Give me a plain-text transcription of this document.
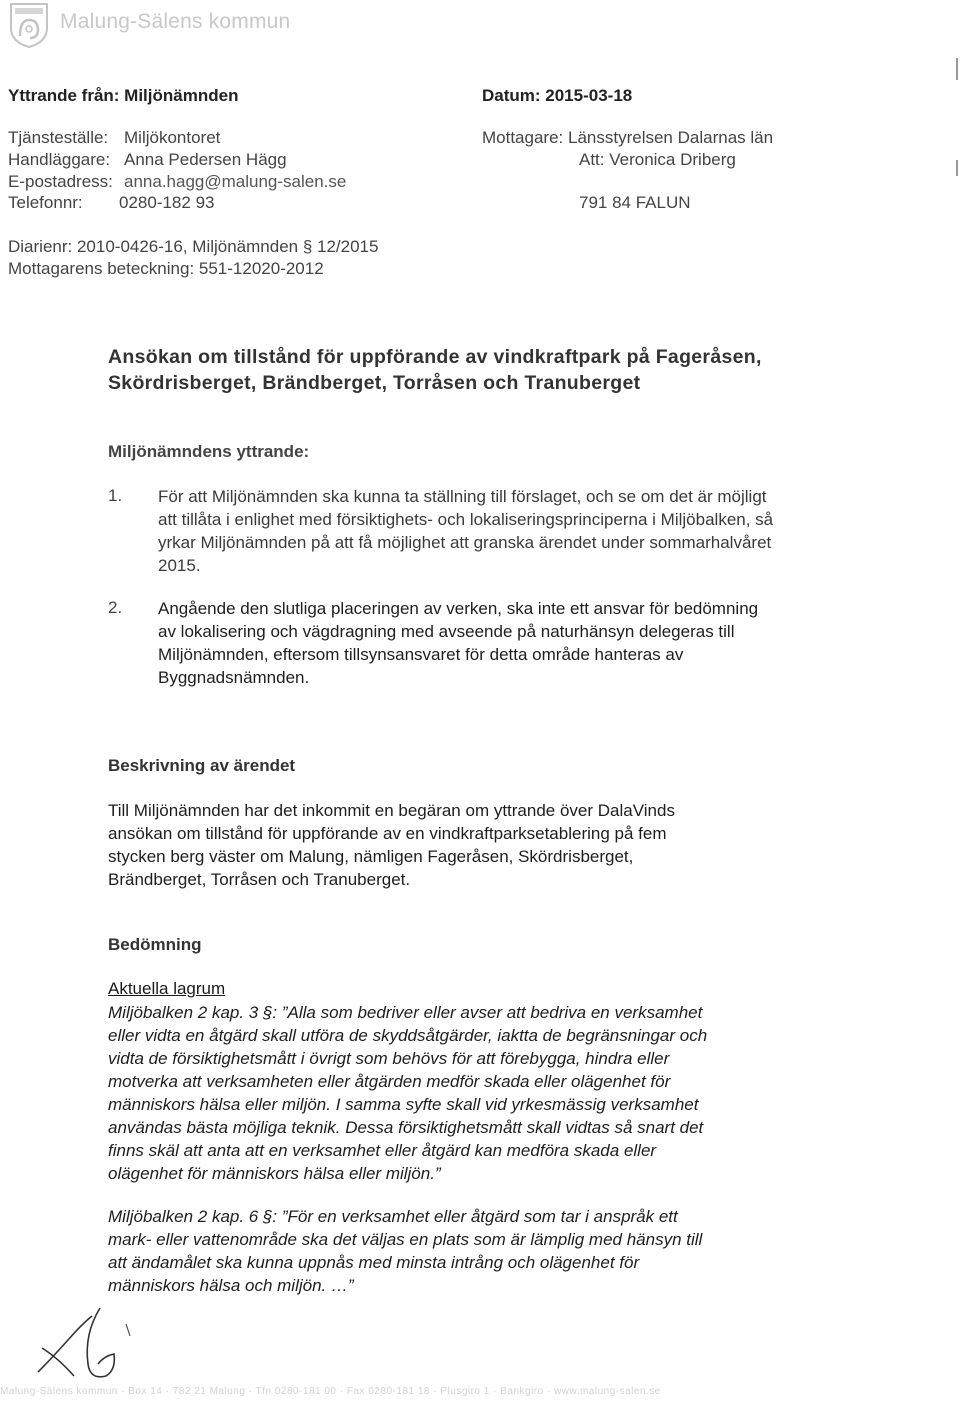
Malung-Sälens kommun
Yttrande från: Miljönämnden	Datum: 2015-03-18
Tjänsteställe: Miljökontoret
Handläggare: Anna Pedersen Hägg
E-postadress: anna.hagg@malung-salen.se
Telefonnr: 0280-182 93
Mottagare: Länsstyrelsen Dalarnas län
Att: Veronica Driberg
791 84 FALUN
Diarienr: 2010-0426-16, Miljönämnden § 12/2015
Mottagarens beteckning: 551-12020-2012
Ansökan om tillstånd för uppförande av vindkraftpark på Fageråsen,
Skördrisberget, Brändberget, Torråsen och Tranuberget
Miljönämndens yttrande:
1. För att Miljönämnden ska kunna ta ställning till förslaget, och se om det är möjligt
att tillåta i enlighet med försiktighets- och lokaliseringsprinciperna i Miljöbalken, så
yrkar Miljönämnden på att få möjlighet att granska ärendet under sommarhalvåret
2015.
2. Angående den slutliga placeringen av verken, ska inte ett ansvar för bedömning
av lokalisering och vägdragning med avseende på naturhänsyn delegeras till
Miljönämnden, eftersom tillsynsansvaret för detta område hanteras av
Byggnadsnämnden.
Beskrivning av ärendet
Till Miljönämnden har det inkommit en begäran om yttrande över DalaVinds
ansökan om tillstånd för uppförande av en vindkraftparksetablering på fem
stycken berg väster om Malung, nämligen Fageråsen, Skördrisberget,
Brändberget, Torråsen och Tranuberget.
Bedömning
Aktuella lagrum
Miljöbalken 2 kap. 3 §: ”Alla som bedriver eller avser att bedriva en verksamhet
eller vidta en åtgärd skall utföra de skyddsåtgärder, iaktta de begränsningar och
vidta de försiktighetsmått i övrigt som behövs för att förebygga, hindra eller
motverka att verksamheten eller åtgärden medför skada eller olägenhet för
människors hälsa eller miljön. I samma syfte skall vid yrkesmässig verksamhet
användas bästa möjliga teknik. Dessa försiktighetsmått skall vidtas så snart det
finns skäl att anta att en verksamhet eller åtgärd kan medföra skada eller
olägenhet för människors hälsa eller miljön.”
Miljöbalken 2 kap. 6 §: ”För en verksamhet eller åtgärd som tar i anspråk ett
mark- eller vattenområde ska det väljas en plats som är lämplig med hänsyn till
att ändamålet ska kunna uppnås med minsta intrång och olägenhet för
människors hälsa och miljön. …”
Malung-Sälens kommun · Box 14 · 782 21 Malung · Tfn 0280-181 00 · Fax 0280-181 18 · Plusgiro 1 · Bankgiro · www.malung-salen.se
